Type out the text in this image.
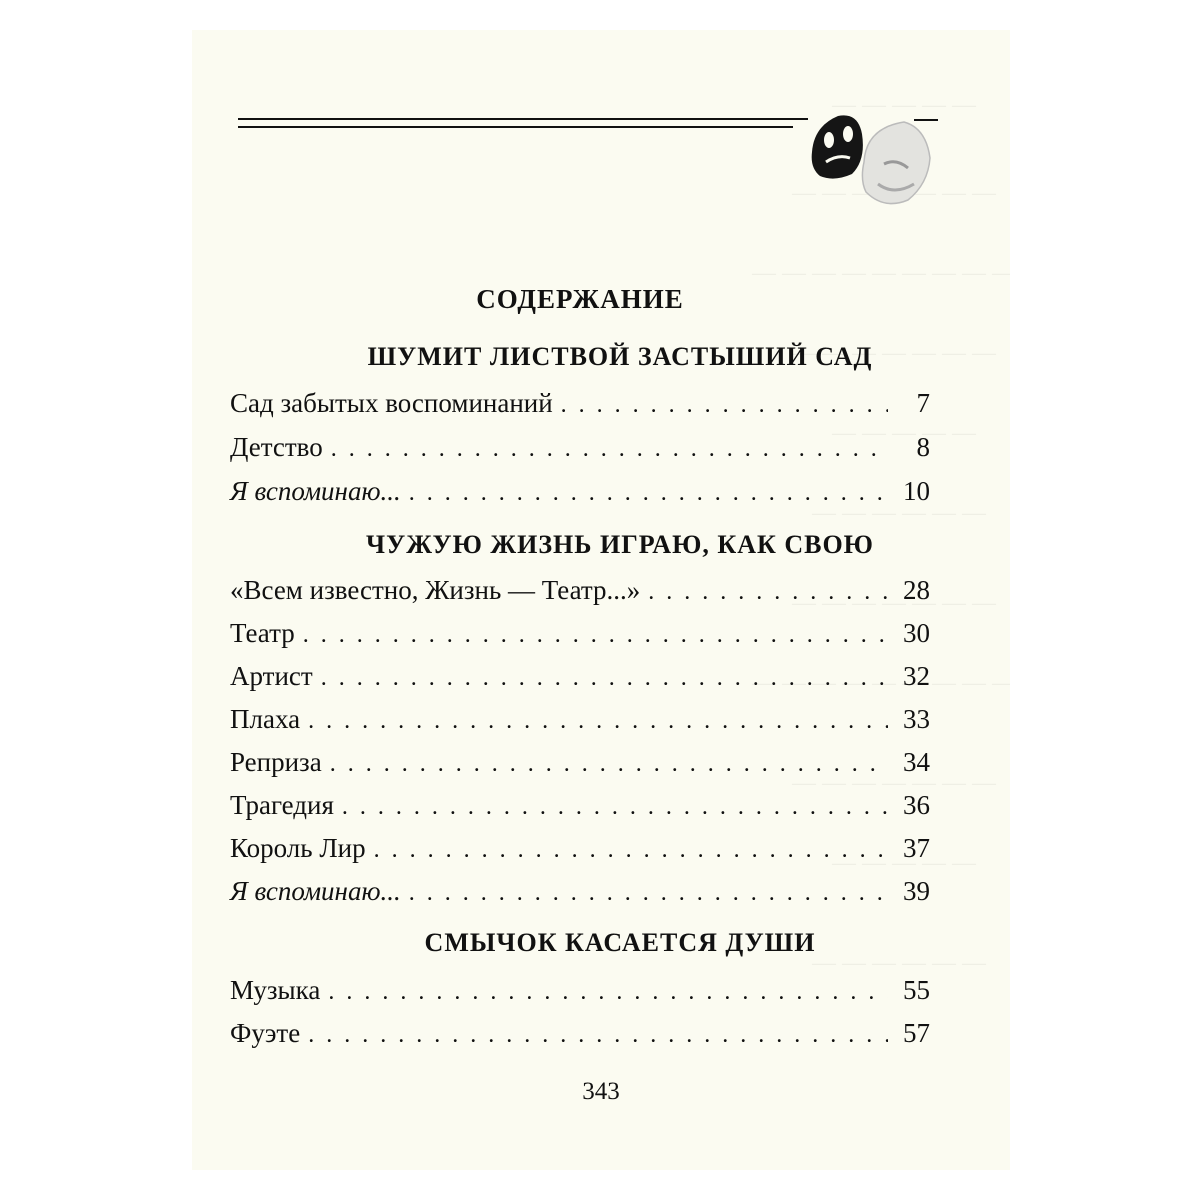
СОДЕРЖАНИЕ
ШУМИТ ЛИСТВОЙ ЗАСТЫШИЙ САД
Сад забытых воспоминаний . . .	7
Детство . . .	8
Я вспоминаю... . . .	10
ЧУЖУЮ ЖИЗНЬ ИГРАЮ, КАК СВОЮ
«Всем известно, Жизнь — Театр...» . . .	28
Театр . . .	30
Артист . . .	32
Плаха . . .	33
Реприза . . .	34
Трагедия . . .	36
Король Лир . . .	37
Я вспоминаю... . . .	39
СМЫЧОК КАСАЕТСЯ ДУШИ
Музыка . . .	55
Фуэте . . .	57
343
